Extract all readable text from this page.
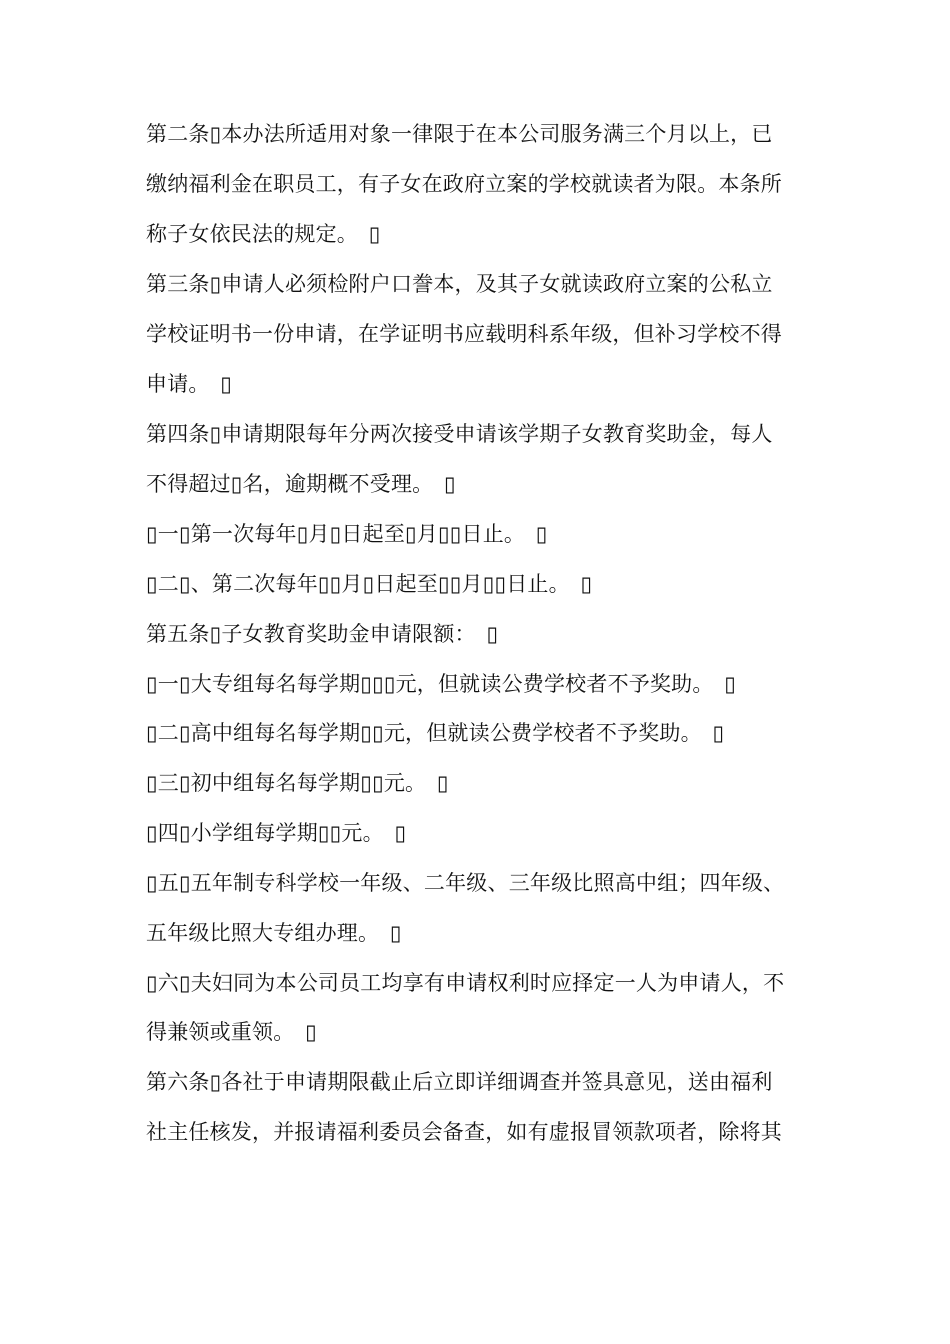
第二条▯本办法所适用对象一律限于在本公司服务满三个月以上，已
缴纳福利金在职员工，有子女在政府立案的学校就读者为限。本条所
称子女依民法的规定。　▯
第三条▯申请人必须检附户口誊本，及其子女就读政府立案的公私立
学校证明书一份申请，在学证明书应载明科系年级，但补习学校不得
申请。　▯
第四条▯申请期限每年分两次接受申请该学期子女教育奖助金，每人
不得超过▯名，逾期概不受理。　▯
▯一▯第一次每年▯月▯日起至▯月▯▯日止。　▯
▯二▯、第二次每年▯▯月▯日起至▯▯月▯▯日止。　▯
第五条▯子女教育奖助金申请限额：　▯
▯一▯大专组每名每学期▯▯▯元，但就读公费学校者不予奖助。　▯
▯二▯高中组每名每学期▯▯元，但就读公费学校者不予奖助。　▯
▯三▯初中组每名每学期▯▯元。　▯
▯四▯小学组每学期▯▯元。　▯
▯五▯五年制专科学校一年级、二年级、三年级比照高中组；四年级、
五年级比照大专组办理。　▯
▯六▯夫妇同为本公司员工均享有申请权利时应择定一人为申请人，不
得兼领或重领。　▯
第六条▯各社于申请期限截止后立即详细调查并签具意见，送由福利
社主任核发，并报请福利委员会备查，如有虚报冒领款项者，除将其
